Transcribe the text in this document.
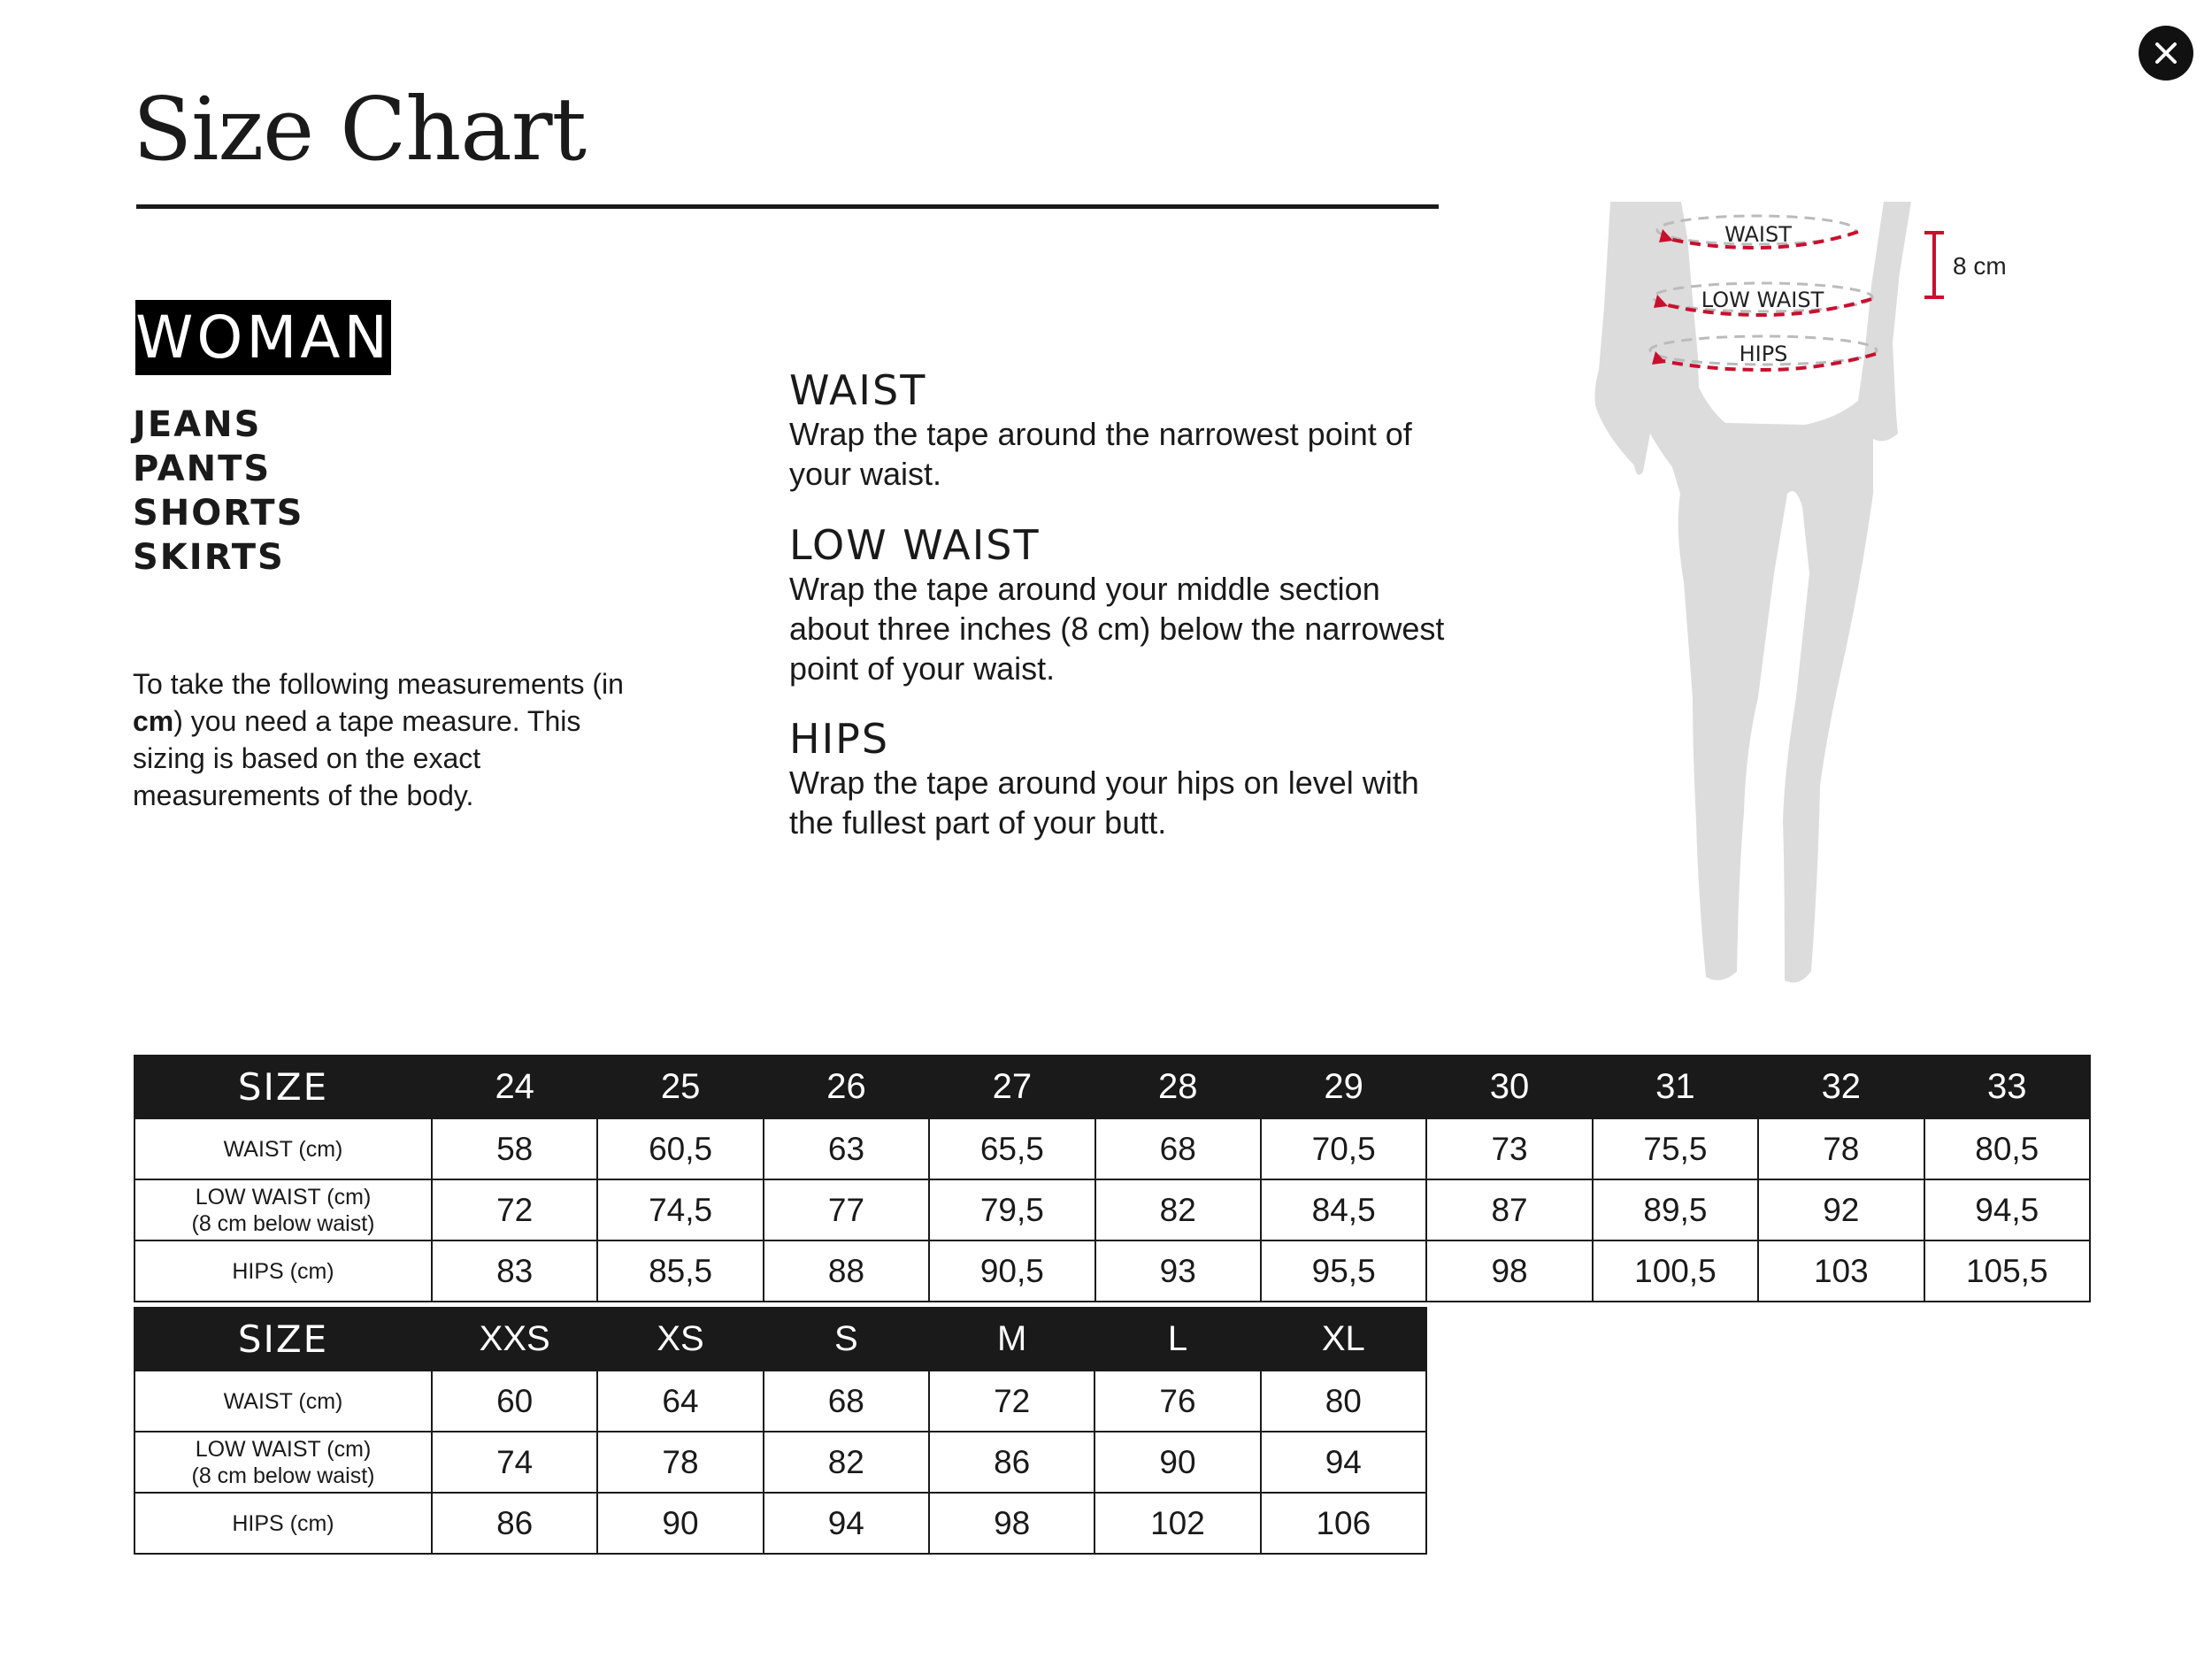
Size Chart
WOMAN
JEANS
PANTS
SHORTS
SKIRTS

To take the following measurements (in cm) you need a tape measure. This sizing is based on the exact measurements of the body.

WAIST

Wrap the tape around the narrowest point of your waist.

LOW WAIST

Wrap the tape around your middle section about three inches (8 cm) below the narrowest point of your waist.

HIPS

Wrap the tape around your hips on level with the fullest part of your butt.

WAIST
LOW WAIST
HIPS
8 cm
SIZE	24	25	26	27	28	29	30	31	32	33
WAIST (cm)	58	60,5	63	65,5	68	70,5	73	75,5	78	80,5
LOW WAIST (cm)
(8 cm below waist)	72	74,5	77	79,5	82	84,5	87	89,5	92	94,5
HIPS (cm)	83	85,5	88	90,5	93	95,5	98	100,5	103	105,5
SIZE	XXS	XS	S	M	L	XL
WAIST (cm)	60	64	68	72	76	80
LOW WAIST (cm)
(8 cm below waist)	74	78	82	86	90	94
HIPS (cm)	86	90	94	98	102	106
